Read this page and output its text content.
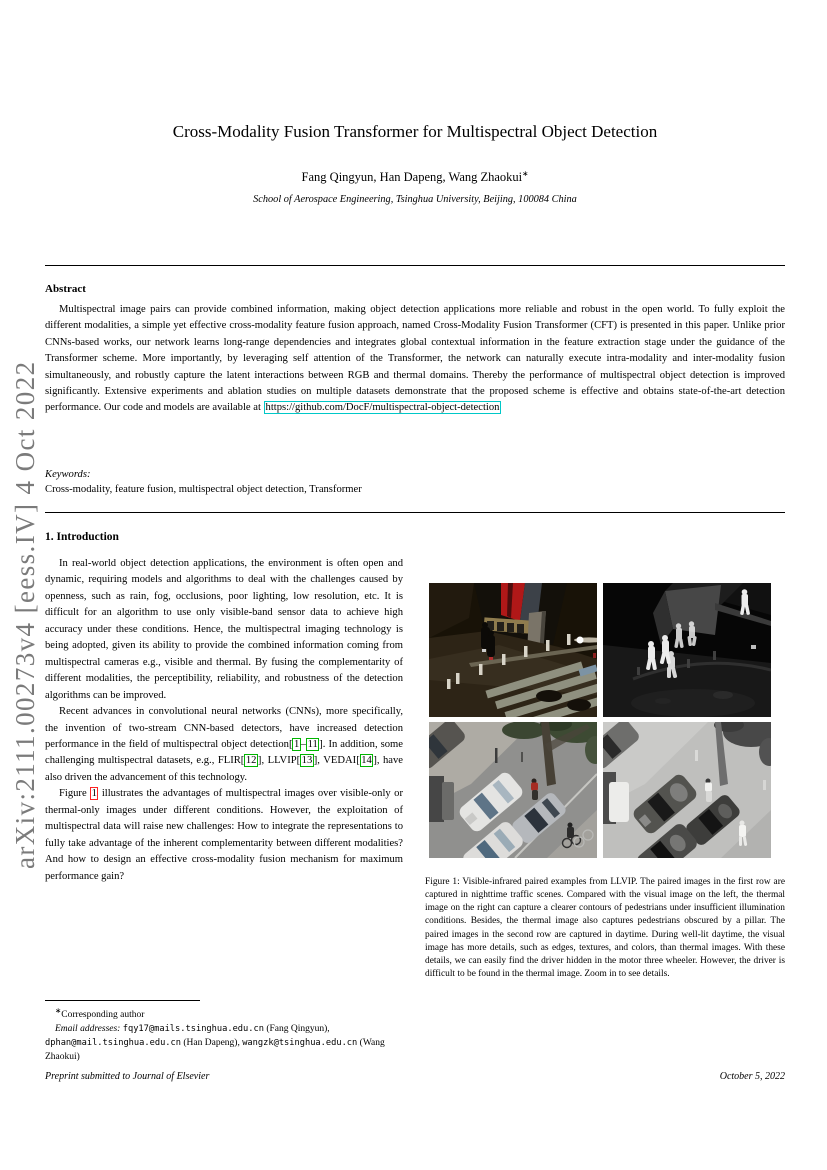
arXiv:2111.00273v4 [eess.IV] 4 Oct 2022
Cross-Modality Fusion Transformer for Multispectral Object Detection
Fang Qingyun, Han Dapeng, Wang Zhaokui∗
School of Aerospace Engineering, Tsinghua University, Beijing, 100084 China
Abstract
Multispectral image pairs can provide combined information, making object detection applications more reliable and robust in the open world. To fully exploit the different modalities, a simple yet effective cross-modality feature fusion approach, named Cross-Modality Fusion Transformer (CFT) is presented in this paper. Unlike prior CNNs-based works, our network learns long-range dependencies and integrates global contextual information in the feature extraction stage under the guidance of the Transformer scheme. More importantly, by leveraging self attention of the Transformer, the network can naturally execute intra-modality and inter-modality fusion simultaneously, and robustly capture the latent interactions between RGB and thermal domains. Thereby the performance of multispectral object detection is improved significantly. Extensive experiments and ablation studies on multiple datasets demonstrate that the proposed scheme is effective and obtains state-of-the-art detection performance. Our code and models are available at https://github.com/DocF/multispectral-object-detection
Keywords:
Cross-modality, feature fusion, multispectral object detection, Transformer
1. Introduction

In real-world object detection applications, the environment is often open and dynamic, requiring models and algorithms to deal with the challenges caused by openness, such as rain, fog, occlusions, poor lighting, low resolution, etc. It is difficult for an algorithm to use only visible-band sensor data to achieve high accuracy under these conditions. Hence, the multispectral imaging technology is being adopted, given its ability to provide the combined information coming from multispectral cameras e.g., visible and thermal. By fusing the complementarity of different modalities, the perceptibility, reliability, and robustness of the detection algorithms can be improved.

Recent advances in convolutional neural networks (CNNs), more specifically, the invention of two-stream CNN-based detectors, have increased detection performance in the field of multispectral object detection[ 1 – 11 ]. In addition, some challenging multispectral datasets, e.g., FLIR[ 12 ], LLVIP[ 13 ], VEDAI[ 14 ], have also driven the advancement of this technology.

Figure 1 illustrates the advantages of multispectral images over visible-only or thermal-only images under different conditions. However, the exploitation of multispectral data will raise new challenges: How to integrate the representations to fully take advantage of the inherent complementarity between different modalities? And how to design an effective cross-modality fusion mechanism for maximum performance gain?

Figure 1: Visible-infrared paired examples from LLVIP. The paired images in the first row are captured in nighttime traffic scenes. Compared with the visual image on the left, the thermal image on the right can capture a clearer contours of pedestrians under insufficient illumination conditions. Besides, the thermal image also captures pedestrians obscured by a pillar. The paired images in the second row are captured in daytime. During well-lit daytime, the visual image has more details, such as edges, textures, and colors, than thermal images. With these details, we can easily find the driver hidden in the motor three wheeler. However, the driver is difficult to be found in the thermal image. Zoom in to see details.
∗Corresponding author
Email addresses: fqy17@mails.tsinghua.edu.cn (Fang Qingyun), dphan@mail.tsinghua.edu.cn (Han Dapeng), wangzk@tsinghua.edu.cn (Wang Zhaokui)
Preprint submitted to Journal of Elsevier	October 5, 2022
